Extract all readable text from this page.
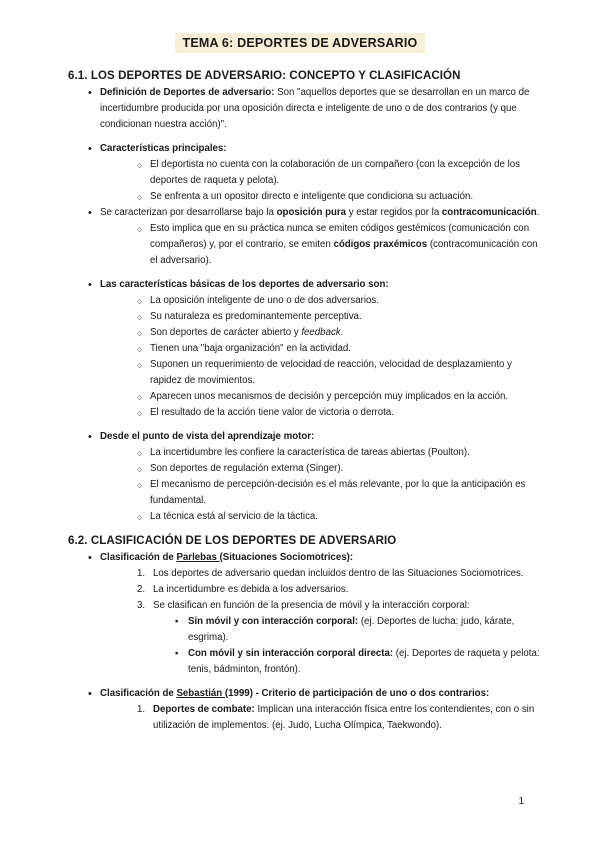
TEMA 6: DEPORTES DE ADVERSARIO
6.1. LOS DEPORTES DE ADVERSARIO: CONCEPTO Y CLASIFICACIÓN
• Definición de Deportes de adversario: Son "aquellos deportes que se desarrollan en un marco de incertidumbre producida por una oposición directa e inteligente de uno o de dos contrarios (y que condicionan nuestra acción)".
• Características principales:
○ El deportista no cuenta con la colaboración de un compañero (con la excepción de los deportes de raqueta y pelota).
○ Se enfrenta a un opositor directo e inteligente que condiciona su actuación.
• Se caracterizan por desarrollarse bajo la oposición pura y estar regidos por la contracomunicación.
○ Esto implica que en su práctica nunca se emiten códigos gestémicos (comunicación con compañeros) y, por el contrario, se emiten códigos praxémicos (contracomunicación con el adversario).
• Las características básicas de los deportes de adversario son:
○ La oposición inteligente de uno o de dos adversarios.
○ Su naturaleza es predominantemente perceptiva.
○ Son deportes de carácter abierto y feedback.
○ Tienen una "baja organización" en la actividad.
○ Suponen un requerimiento de velocidad de reacción, velocidad de desplazamiento y rapidez de movimientos.
○ Aparecen unos mecanismos de decisión y percepción muy implicados en la acción.
○ El resultado de la acción tiene valor de victoria o derrota.
• Desde el punto de vista del aprendizaje motor:
○ La incertidumbre les confiere la característica de tareas abiertas (Poulton).
○ Son deportes de regulación externa (Singer).
○ El mecanismo de percepción-decisión es el más relevante, por lo que la anticipación es fundamental.
○ La técnica está al servicio de la táctica.
6.2. CLASIFICACIÓN DE LOS DEPORTES DE ADVERSARIO
• Clasificación de Parlebas (Situaciones Sociomotrices):
1. Los deportes de adversario quedan incluidos dentro de las Situaciones Sociomotrices.
2. La incertidumbre es debida a los adversarios.
3. Se clasifican en función de la presencia de móvil y la interacción corporal:
▪ Sin móvil y con interacción corporal: (ej. Deportes de lucha: judo, kárate, esgrima).
▪ Con móvil y sin interacción corporal directa: (ej. Deportes de raqueta y pelota: tenis, bádminton, frontón).
• Clasificación de Sebastián (1999) - Criterio de participación de uno o dos contrarios:
1. Deportes de combate: Implican una interacción física entre los contendientes, con o sin utilización de implementos. (ej. Judo, Lucha Olímpica, Taekwondo).
1
